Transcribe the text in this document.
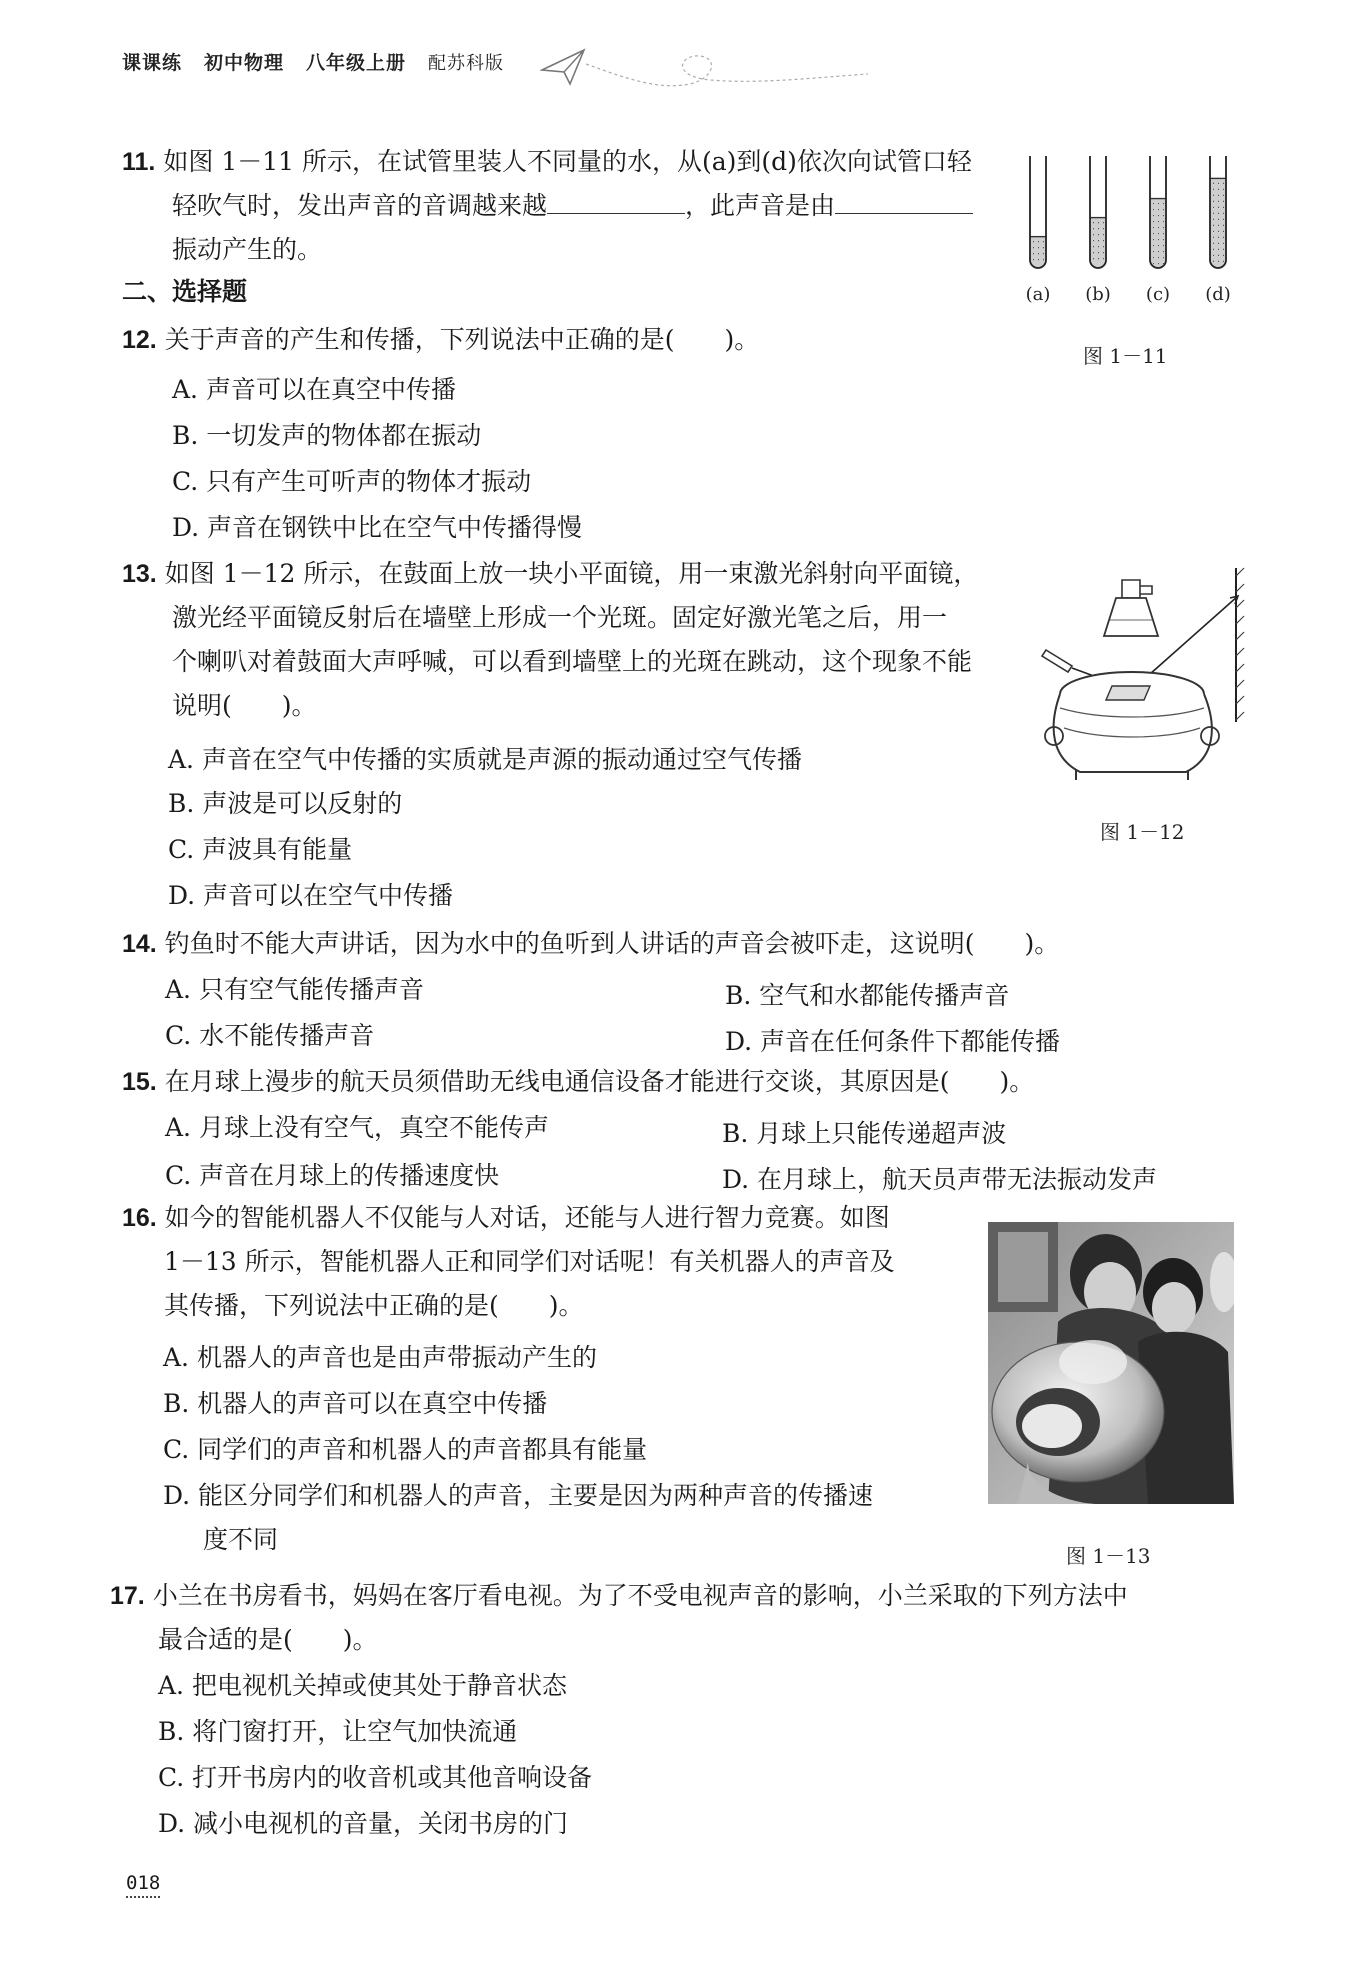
课课练 初中物理 八年级上册 配苏科版
11. 如图 1－11 所示，在试管里装人不同量的水，从(a)到(d)依次向试管口轻
轻吹气时，发出声音的音调越来越	，此声音是由
振动产生的。
(a) (b) (c) (d)
图 1－11
二、选择题
12. 关于声音的产生和传播，下列说法中正确的是(　　)。
A. 声音可以在真空中传播
B. 一切发声的物体都在振动
C. 只有产生可听声的物体才振动
D. 声音在钢铁中比在空气中传播得慢
13. 如图 1－12 所示，在鼓面上放一块小平面镜，用一束激光斜射向平面镜，
激光经平面镜反射后在墙壁上形成一个光斑。固定好激光笔之后，用一
个喇叭对着鼓面大声呼喊，可以看到墙壁上的光斑在跳动，这个现象不能
说明(　　)。
A. 声音在空气中传播的实质就是声源的振动通过空气传播
B. 声波是可以反射的
C. 声波具有能量
D. 声音可以在空气中传播
图 1－12
14. 钓鱼时不能大声讲话，因为水中的鱼听到人讲话的声音会被吓走，这说明(　　)。
A. 只有空气能传播声音	B. 空气和水都能传播声音
C. 水不能传播声音	D. 声音在任何条件下都能传播
15. 在月球上漫步的航天员须借助无线电通信设备才能进行交谈，其原因是(　　)。
A. 月球上没有空气，真空不能传声	B. 月球上只能传递超声波
C. 声音在月球上的传播速度快	D. 在月球上，航天员声带无法振动发声
16. 如今的智能机器人不仅能与人对话，还能与人进行智力竞赛。如图
1－13 所示，智能机器人正和同学们对话呢！有关机器人的声音及
其传播，下列说法中正确的是(　　)。
A. 机器人的声音也是由声带振动产生的
B. 机器人的声音可以在真空中传播
C. 同学们的声音和机器人的声音都具有能量
D. 能区分同学们和机器人的声音，主要是因为两种声音的传播速
度不同
图 1－13
17. 小兰在书房看书，妈妈在客厅看电视。为了不受电视声音的影响，小兰采取的下列方法中
最合适的是(　　)。
A. 把电视机关掉或使其处于静音状态
B. 将门窗打开，让空气加快流通
C. 打开书房内的收音机或其他音响设备
D. 减小电视机的音量，关闭书房的门
018
